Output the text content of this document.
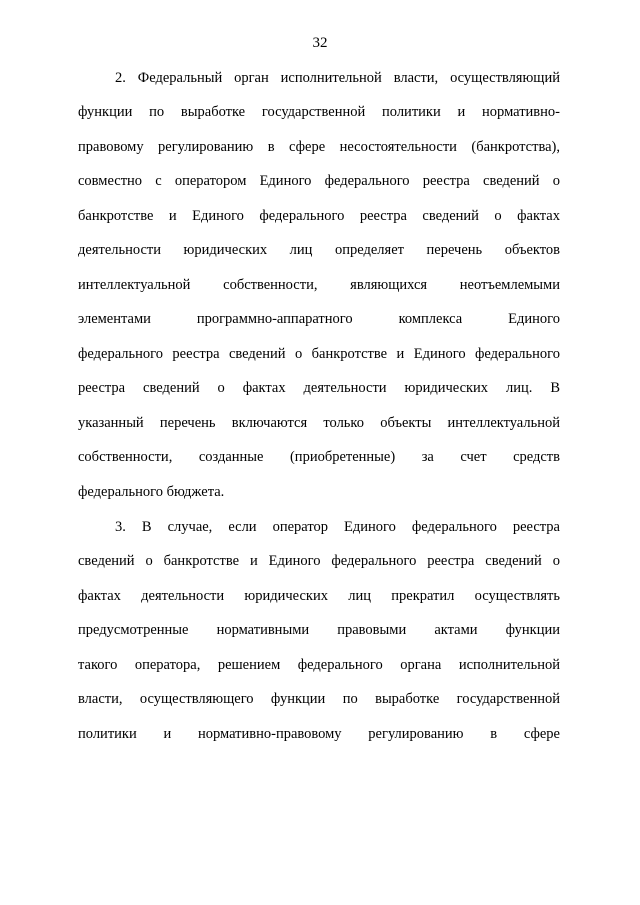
32
2. Федеральный орган исполнительной власти, осуществляющий
функции по выработке государственной политики и нормативно-
правовому регулированию в сфере несостоятельности (банкротства),
совместно с оператором Единого федерального реестра сведений о
банкротстве и Единого федерального реестра сведений о фактах
деятельности юридических лиц определяет перечень объектов
интеллектуальной собственности, являющихся неотъемлемыми
элементами программно-аппаратного комплекса Единого
федерального реестра сведений о банкротстве и Единого федерального
реестра сведений о фактах деятельности юридических лиц. В
указанный перечень включаются только объекты интеллектуальной
собственности, созданные (приобретенные) за счет средств
федерального бюджета.
3. В случае, если оператор Единого федерального реестра
сведений о банкротстве и Единого федерального реестра сведений о
фактах деятельности юридических лиц прекратил осуществлять
предусмотренные нормативными правовыми актами функции
такого оператора, решением федерального органа исполнительной
власти, осуществляющего функции по выработке государственной
политики и нормативно-правовому регулированию в сфере
